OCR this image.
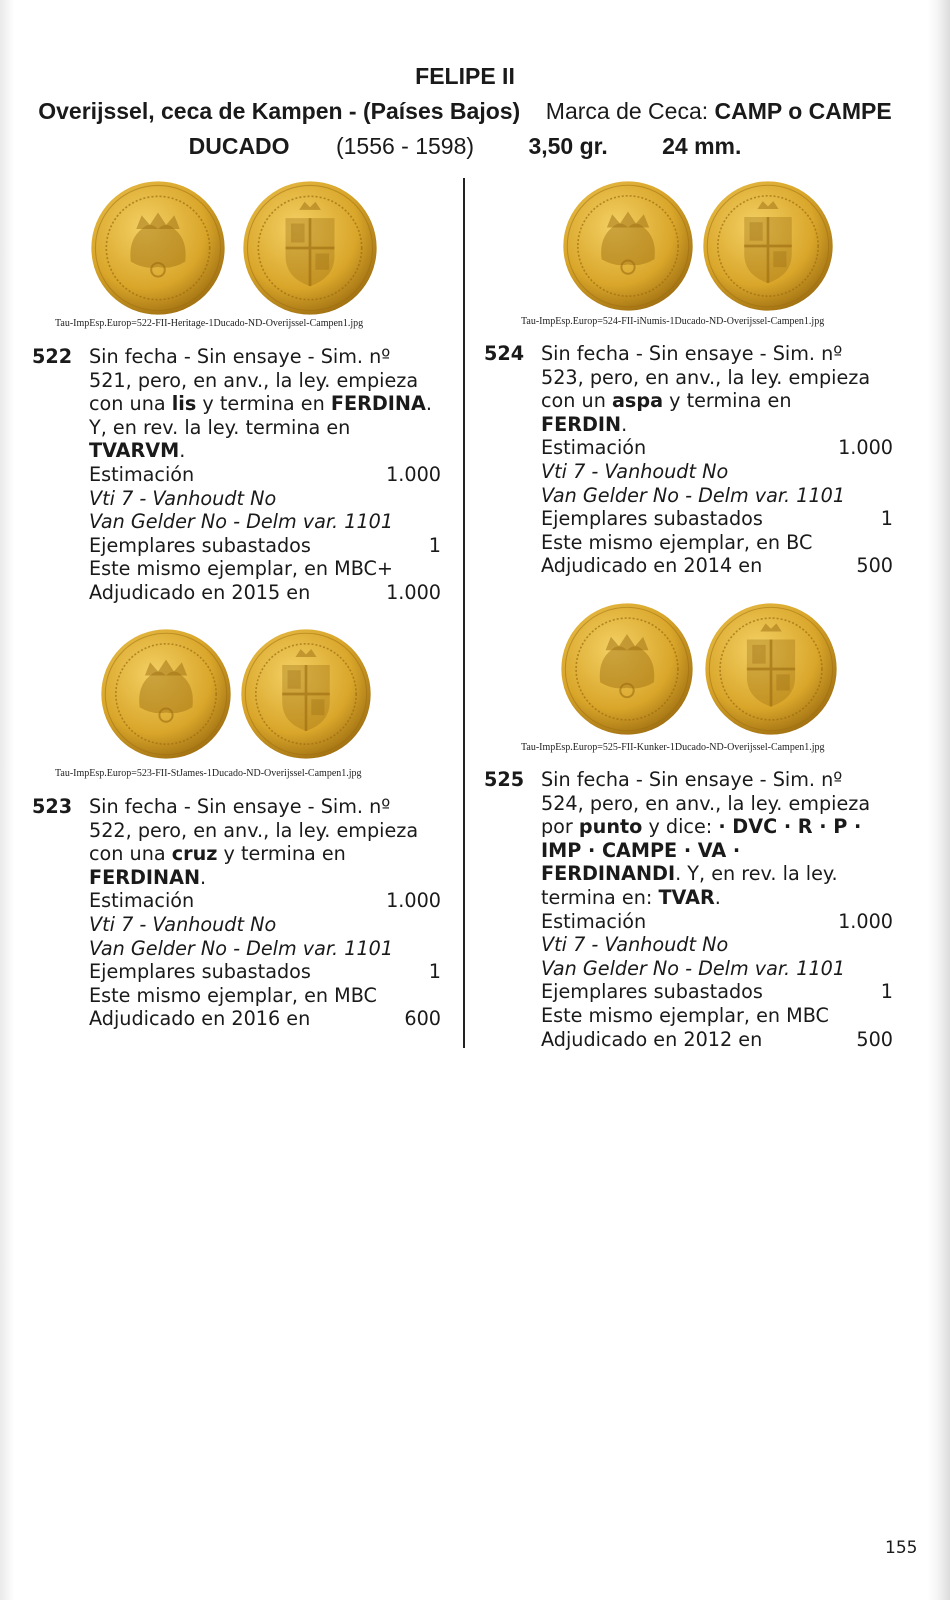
FELIPE II
Overijssel, ceca de Kampen - (Países Bajos) Marca de Ceca: CAMP o CAMPE
DUCADO (1556 - 1598) 3,50 gr. 24 mm.
Tau-ImpEsp.Europ=522-FII-Heritage-1Ducado-ND-Overijssel-Campen1.jpg	Tau-ImpEsp.Europ=524-FII-iNumis-1Ducado-ND-Overijssel-Campen1.jpg
Tau-ImpEsp.Europ=523-FII-StJames-1Ducado-ND-Overijssel-Campen1.jpg
Tau-ImpEsp.Europ=525-FII-Kunker-1Ducado-ND-Overijssel-Campen1.jpg
522 Sin fecha - Sin ensaye - Sim. nº
521, pero, en anv., la ley. empieza
con una lis y termina en FERDINA.
Y, en rev. la ley. termina en
TVARVM.
Estimación	1.000
Vti 7 - Vanhoudt No
Van Gelder No - Delm var. 1101
Ejemplares subastados	1
Este mismo ejemplar, en MBC+
Adjudicado en 2015 en	1.000
524 Sin fecha - Sin ensaye - Sim. nº
523, pero, en anv., la ley. empieza
con un aspa y termina en
FERDIN.
Estimación	1.000
Vti 7 - Vanhoudt No
Van Gelder No - Delm var. 1101
Ejemplares subastados	1
Este mismo ejemplar, en BC
Adjudicado en 2014 en	500
523 Sin fecha - Sin ensaye - Sim. nº
522, pero, en anv., la ley. empieza
con una cruz y termina en
FERDINAN.
Estimación	1.000
Vti 7 - Vanhoudt No
Van Gelder No - Delm var. 1101
Ejemplares subastados	1
Este mismo ejemplar, en MBC
Adjudicado en 2016 en	600
525 Sin fecha - Sin ensaye - Sim. nº
524, pero, en anv., la ley. empieza
por punto y dice: · DVC · R · P ·
IMP · CAMPE · VA ·
FERDINANDI. Y, en rev. la ley.
termina en: TVAR.
Estimación	1.000
Vti 7 - Vanhoudt No
Van Gelder No - Delm var. 1101
Ejemplares subastados	1
Este mismo ejemplar, en MBC
Adjudicado en 2012 en	500
155
